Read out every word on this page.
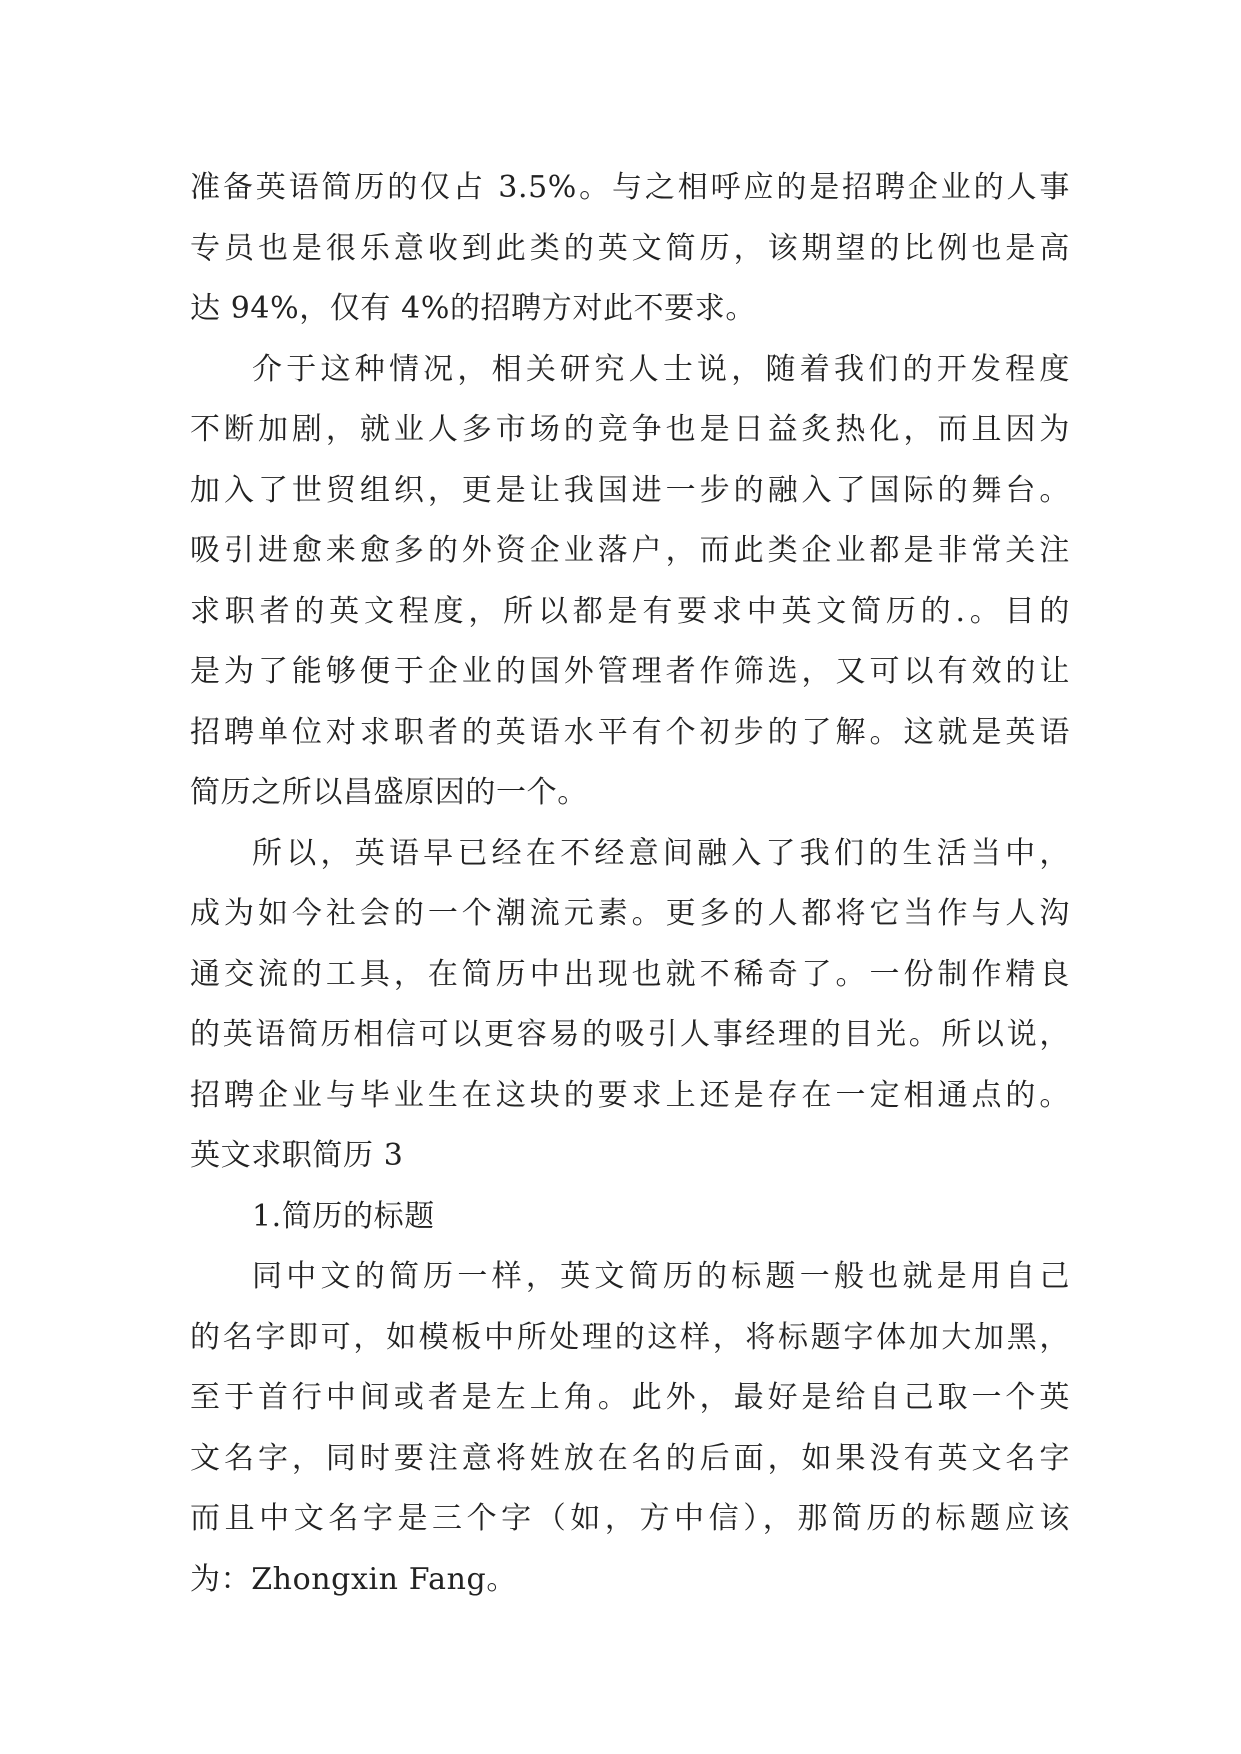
准备英语简历的仅占 3.5%。与之相呼应的是招聘企业的人事
专员也是很乐意收到此类的英文简历，该期望的比例也是高
达 94%，仅有 4%的招聘方对此不要求。
介于这种情况，相关研究人士说，随着我们的开发程度
不断加剧，就业人多市场的竞争也是日益炙热化，而且因为
加入了世贸组织，更是让我国进一步的融入了国际的舞台。
吸引进愈来愈多的外资企业落户，而此类企业都是非常关注
求职者的英文程度，所以都是有要求中英文简历的.。目的
是为了能够便于企业的国外管理者作筛选，又可以有效的让
招聘单位对求职者的英语水平有个初步的了解。这就是英语
简历之所以昌盛原因的一个。
所以，英语早已经在不经意间融入了我们的生活当中，
成为如今社会的一个潮流元素。更多的人都将它当作与人沟
通交流的工具，在简历中出现也就不稀奇了。一份制作精良
的英语简历相信可以更容易的吸引人事经理的目光。所以说，
招聘企业与毕业生在这块的要求上还是存在一定相通点的。
英文求职简历 3
1.简历的标题
同中文的简历一样，英文简历的标题一般也就是用自己
的名字即可，如模板中所处理的这样，将标题字体加大加黑，
至于首行中间或者是左上角。此外，最好是给自己取一个英
文名字，同时要注意将姓放在名的后面，如果没有英文名字
而且中文名字是三个字（如，方中信），那简历的标题应该
为：Zhongxin Fang。
